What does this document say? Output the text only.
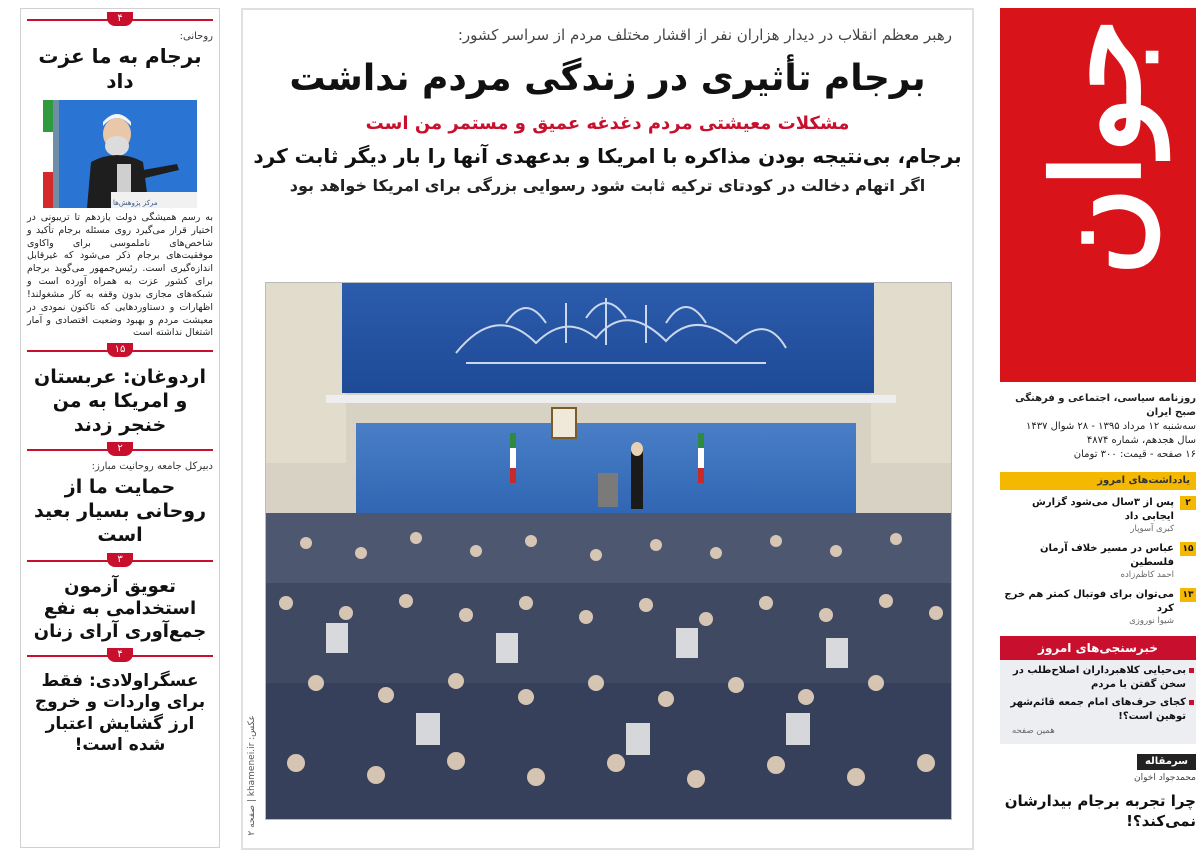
۴
روحانی:
برجام به ما عزت داد
مرکز پژوهش‌ها
به رسم همیشگی دولت یازدهم تا تریبونی در اختیار قرار می‌گیرد روی مسئله برجام تأکید و شاخص‌های ناملموسی برای واکاوی موفقیت‌های برجام ذکر می‌شود که غیرقابل اندازه‌گیری است. رئیس‌جمهور می‌گوید برجام برای کشور عزت به همراه آورده است و شبکه‌های مجازی بدون وقفه به کار مشغولند! اظهارات و دستاوردهایی که تاکنون نمودی در معیشت مردم و بهبود وضعیت اقتصادی و آمار اشتغال نداشته است
۱۵
اردوغان: عربستان و امریکا به من خنجر زدند
۲
دبیرکل جامعه روحانیت مبارز:
حمایت ما از روحانی بسیار بعید است
۳
تعویق آزمون استخدامی به نفع جمع‌آوری آرای زنان
۴
عسگراولادی: فقط برای واردات و خروج ارز گشایش اعتبار شده است!
رهبر معظم انقلاب در دیدار هزاران نفر از اقشار مختلف مردم از سراسر کشور:
برجام تأثیری در زندگی مردم نداشت
مشکلات معیشتی مردم دغدغه عمیق و مستمر من است
برجام، بی‌نتیجه بودن مذاکره با امریکا و بدعهدی آنها را بار دیگر ثابت کرد
اگر اتهام دخالت در کودتای ترکیه ثابت شود رسوایی بزرگی برای امریکا خواهد بود
عکس: khamenei.ir | صفحه ۲
جوان
روزنامه سیاسی، اجتماعی و فرهنگی صبح ایران
سه‌شنبه ۱۲ مرداد ۱۳۹۵ - ۲۸ شوال ۱۴۳۷
سال هجدهم، شماره ۴۸۷۴
۱۶ صفحه - قیمت: ۳۰۰ تومان
یادداشت‌های امروز
۲
پس از ۳سال می‌شود گزارش ایجابی داد
کبری آسوپار
۱۵
عباس در مسیر خلاف آرمان فلسطین
احمد کاظم‌زاده
۱۳
می‌توان برای فوتبال کمتر هم خرج کرد
شیوا نوروزی
خبرسنجی‌های امروز
بی‌حیایی کلاهبرداران اصلاح‌طلب در سخن گفتن با مردم
کجای حرف‌های امام جمعه قائم‌شهر توهین است؟!
همین صفحه
سرمقاله
محمدجواد اخوان
چرا تجربه برجام بیدارشان نمی‌کند؟!
